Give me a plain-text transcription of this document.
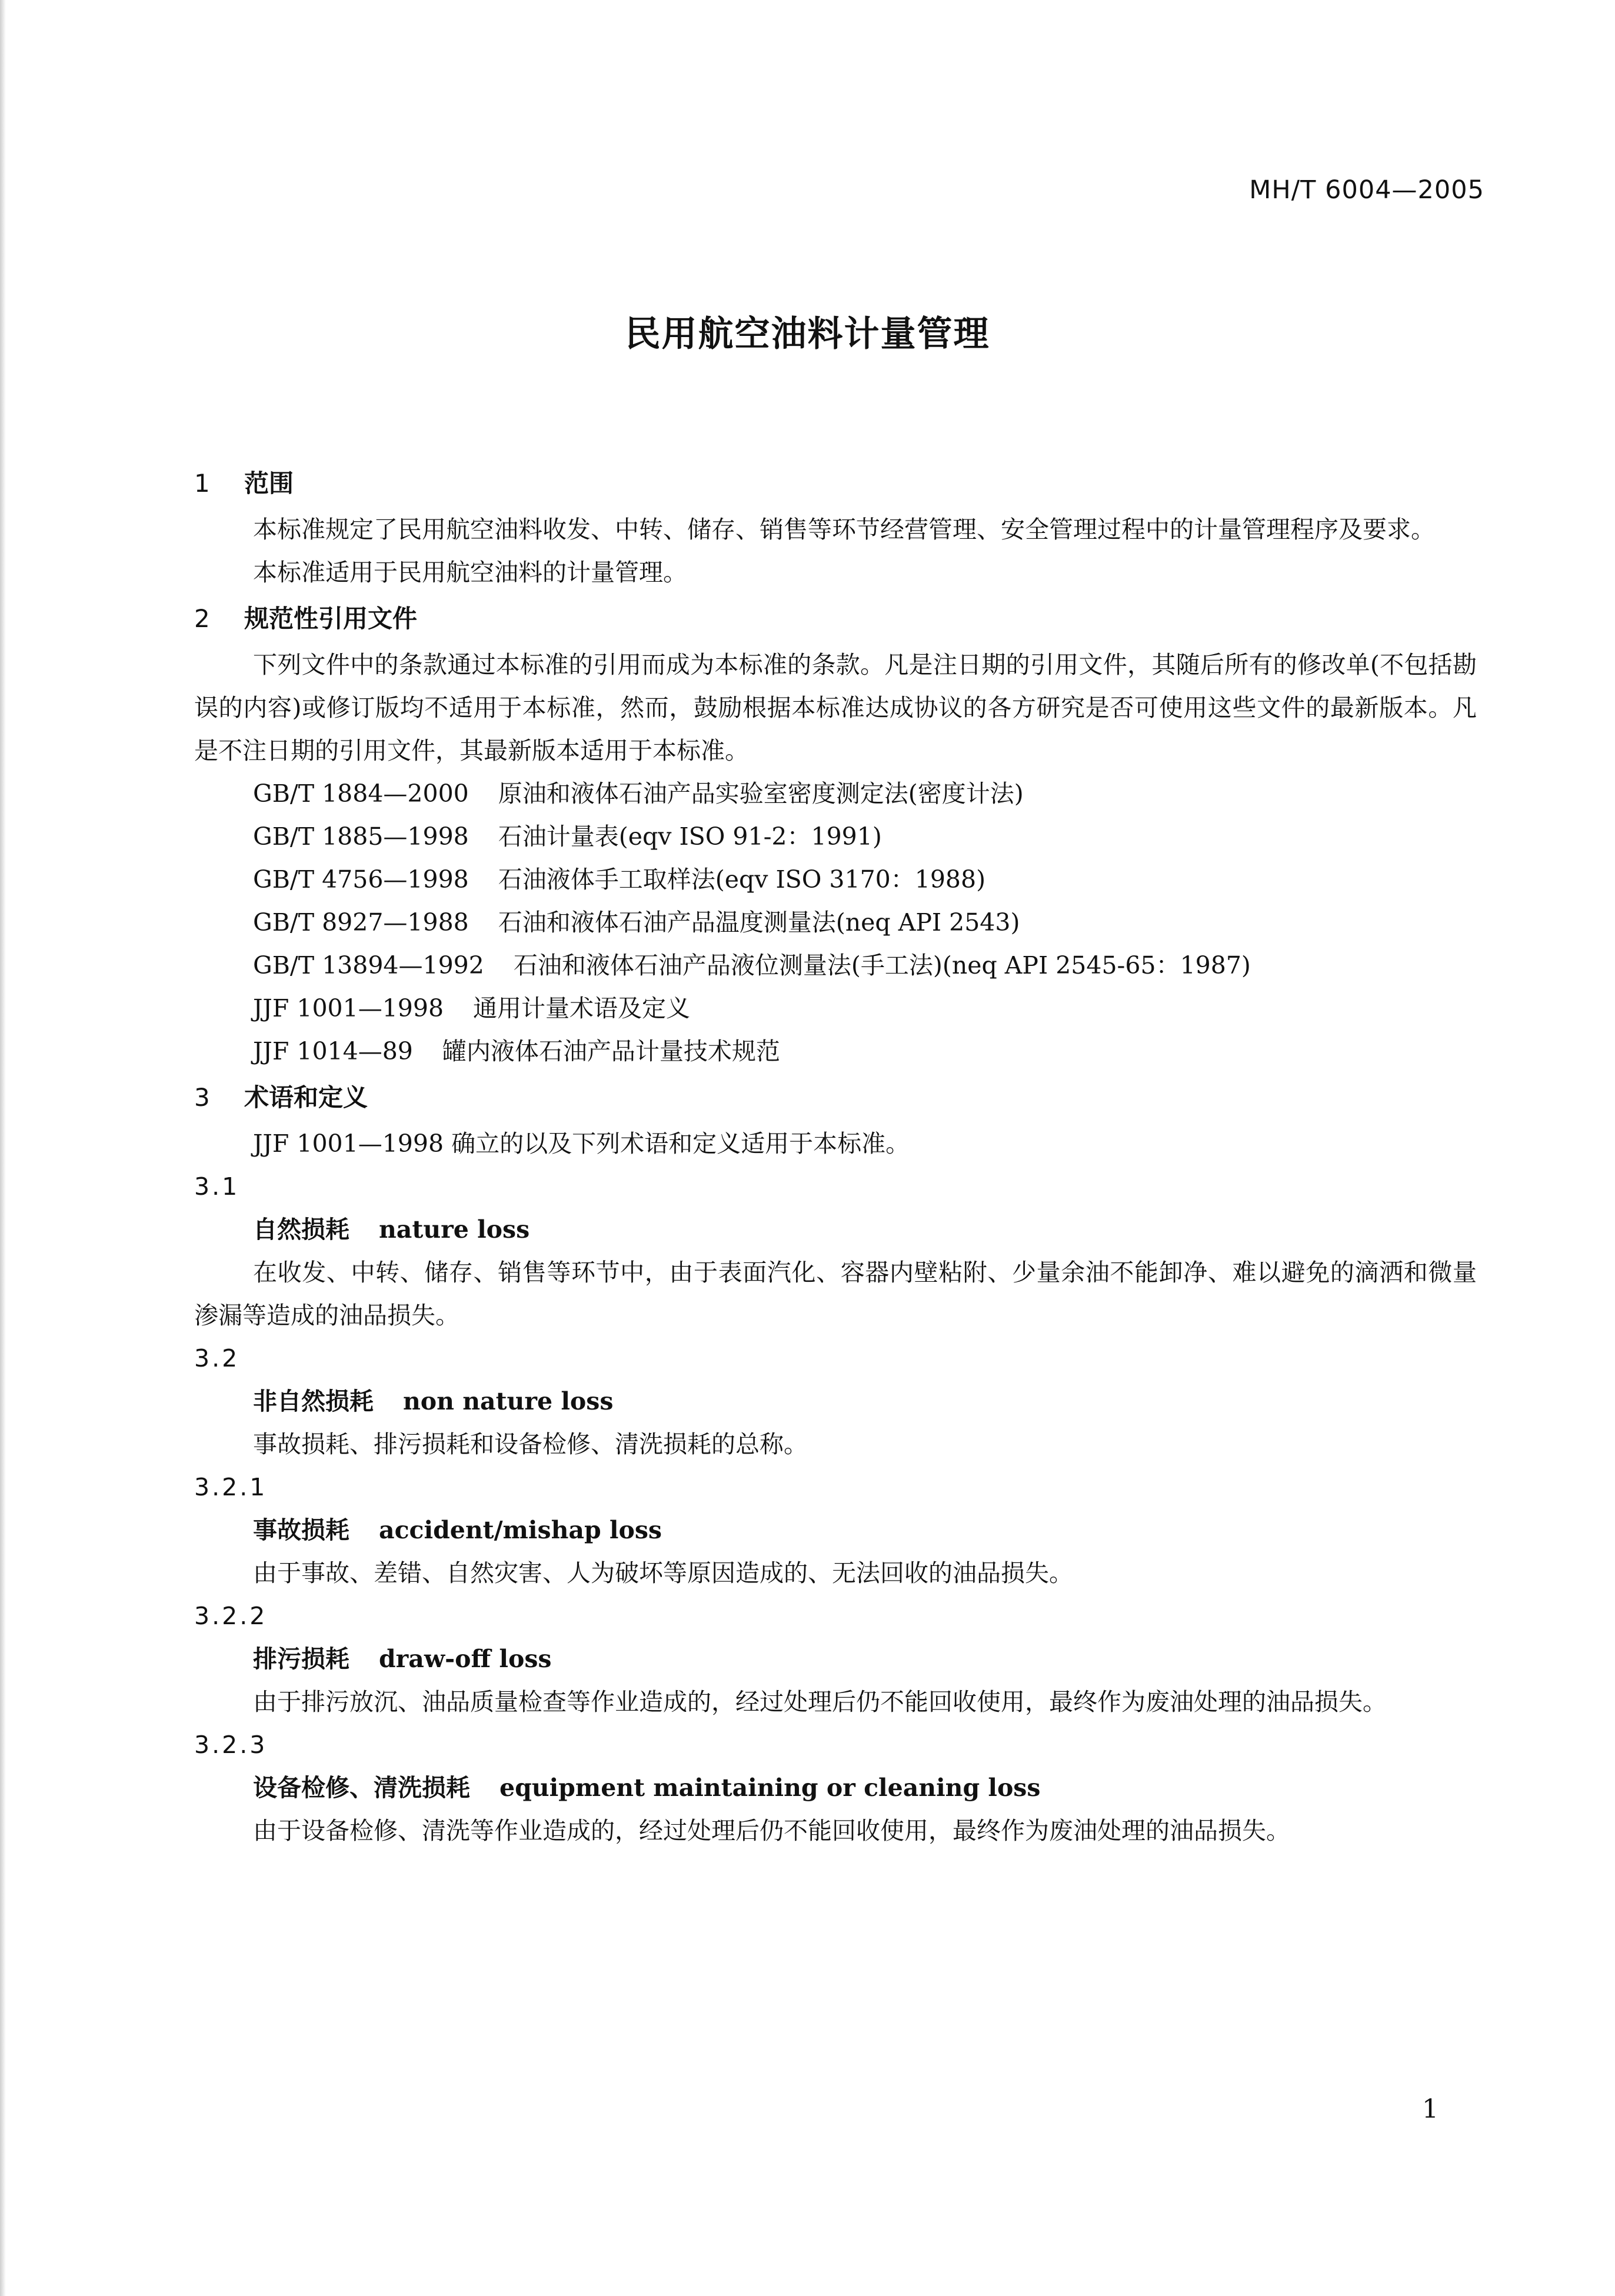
MH/T 6004—2005
民用航空油料计量管理
1 范围

本标准规定了民用航空油料收发、中转、储存、销售等环节经营管理、安全管理过程中的计量管理程序及要求。

本标准适用于民用航空油料的计量管理。

2 规范性引用文件

下列文件中的条款通过本标准的引用而成为本标准的条款。凡是注日期的引用文件，其随后所有的修改单(不包括勘误的内容)或修订版均不适用于本标准，然而，鼓励根据本标准达成协议的各方研究是否可使用这些文件的最新版本。凡是不注日期的引用文件，其最新版本适用于本标准。

GB/T 1884—2000 原油和液体石油产品实验室密度测定法(密度计法)
GB/T 1885—1998 石油计量表(eqv ISO 91-2：1991)
GB/T 4756—1998 石油液体手工取样法(eqv ISO 3170：1988)
GB/T 8927—1988 石油和液体石油产品温度测量法(neq API 2543)
GB/T 13894—1992 石油和液体石油产品液位测量法(手工法)(neq API 2545-65：1987)
JJF 1001—1998 通用计量术语及定义
JJF 1014—89 罐内液体石油产品计量技术规范
3 术语和定义

JJF 1001—1998 确立的以及下列术语和定义适用于本标准。

3.1
自然损耗 nature loss

在收发、中转、储存、销售等环节中，由于表面汽化、容器内壁粘附、少量余油不能卸净、难以避免的滴洒和微量渗漏等造成的油品损失。

3.2
非自然损耗 non nature loss

事故损耗、排污损耗和设备检修、清洗损耗的总称。

3.2.1
事故损耗 accident/mishap loss

由于事故、差错、自然灾害、人为破坏等原因造成的、无法回收的油品损失。

3.2.2
排污损耗 draw-off loss

由于排污放沉、油品质量检查等作业造成的，经过处理后仍不能回收使用，最终作为废油处理的油品损失。

3.2.3
设备检修、清洗损耗 equipment maintaining or cleaning loss

由于设备检修、清洗等作业造成的，经过处理后仍不能回收使用，最终作为废油处理的油品损失。

1
